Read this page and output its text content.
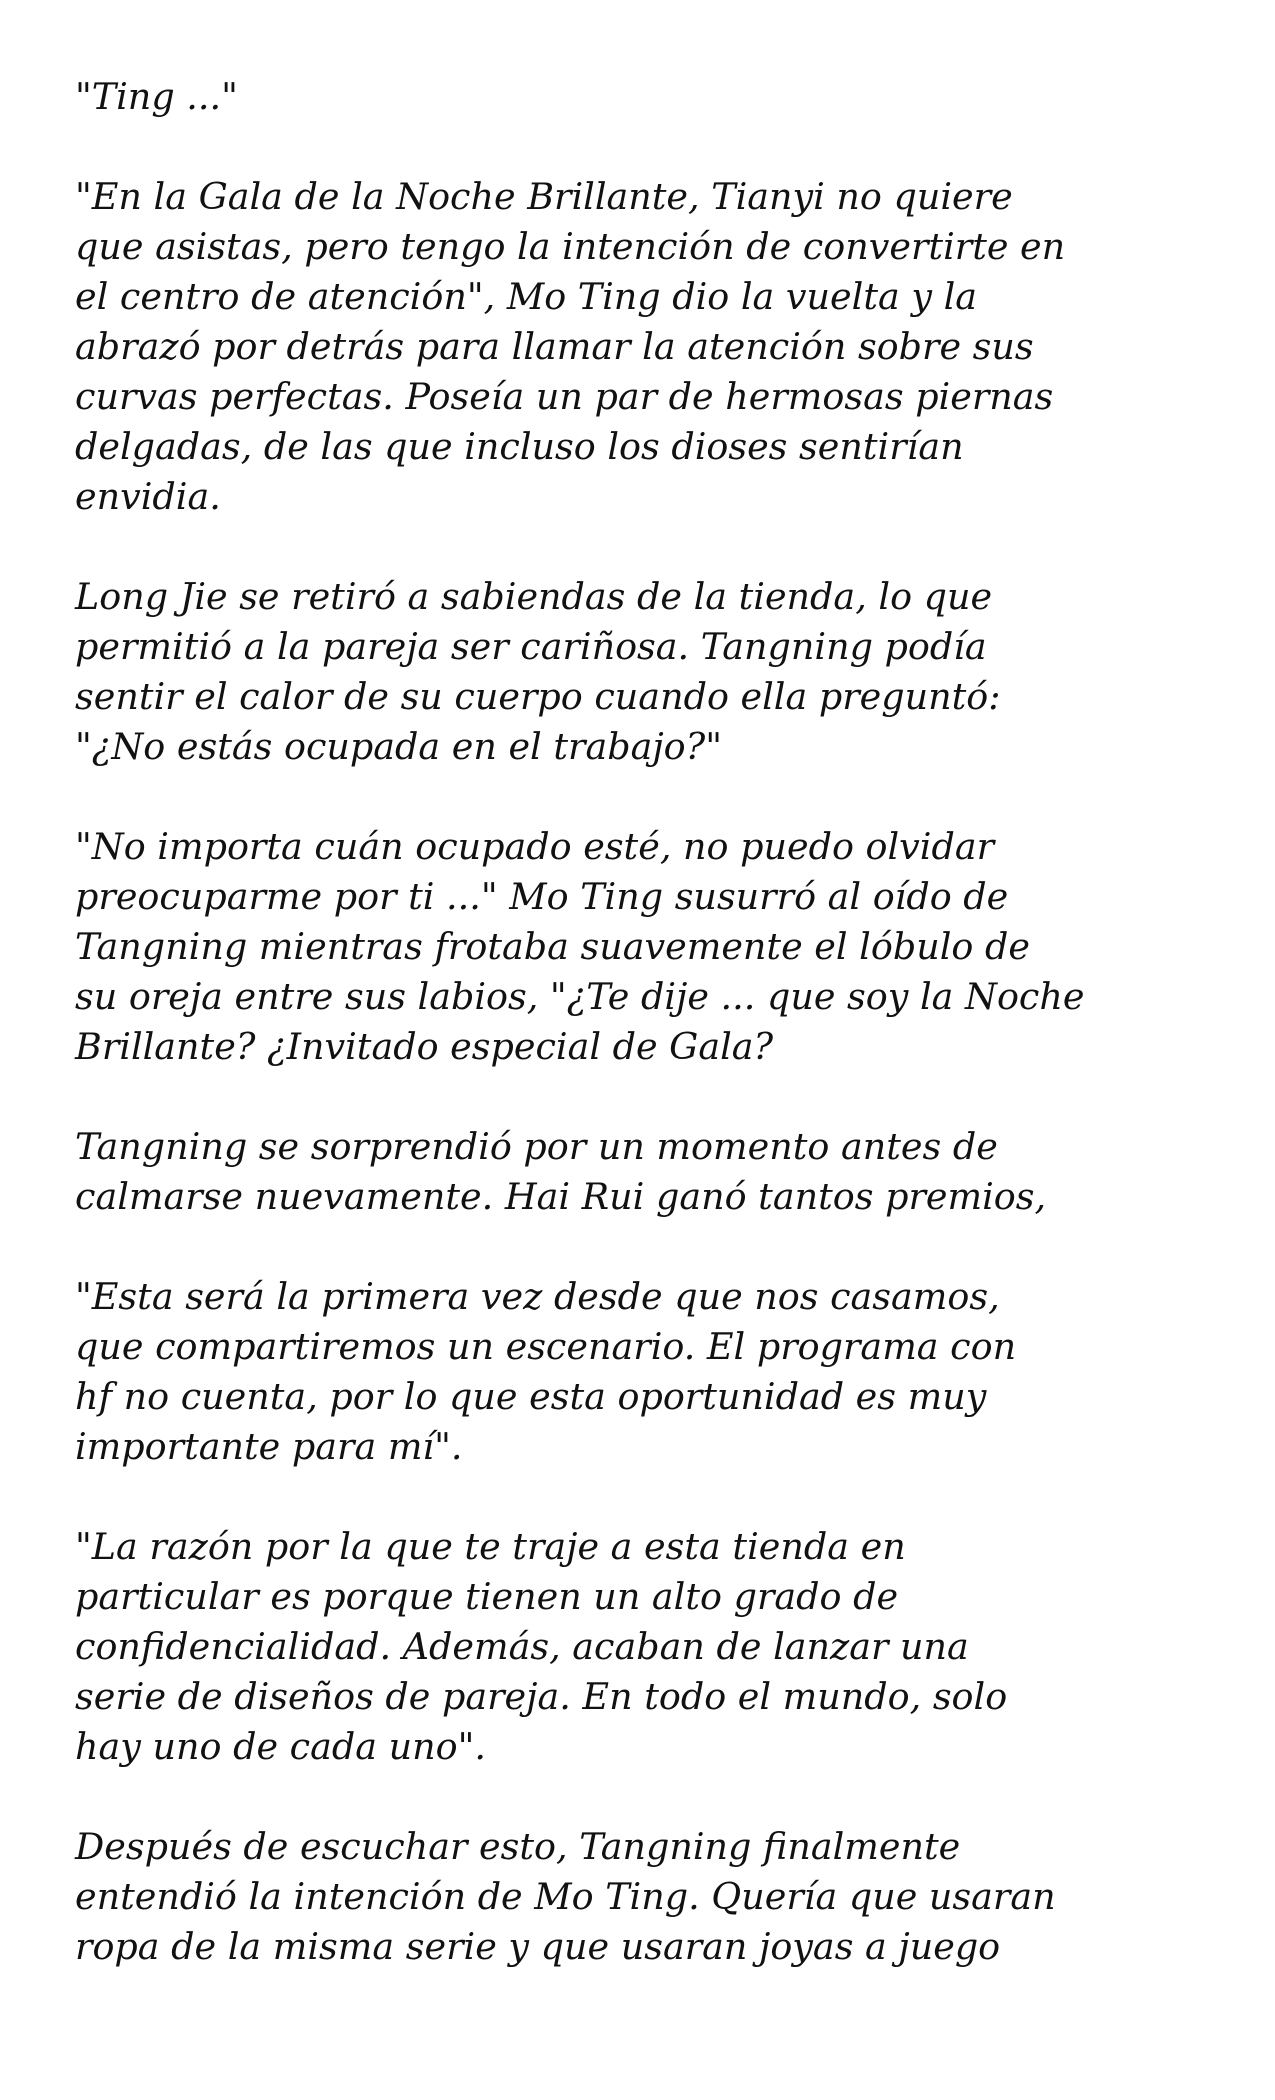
"Ting ..."
"En la Gala de la Noche Brillante, Tianyi no quiere
que asistas, pero tengo la intención de convertirte en
el centro de atención", Mo Ting dio la vuelta y la
abrazó por detrás para llamar la atención sobre sus
curvas perfectas. Poseía un par de hermosas piernas
delgadas, de las que incluso los dioses sentirían
envidia.
Long Jie se retiró a sabiendas de la tienda, lo que
permitió a la pareja ser cariñosa. Tangning podía
sentir el calor de su cuerpo cuando ella preguntó:
"¿No estás ocupada en el trabajo?"
"No importa cuán ocupado esté, no puedo olvidar
preocuparme por ti ..." Mo Ting susurró al oído de
Tangning mientras frotaba suavemente el lóbulo de
su oreja entre sus labios, "¿Te dije ... que soy la Noche
Brillante? ¿Invitado especial de Gala?
Tangning se sorprendió por un momento antes de
calmarse nuevamente. Hai Rui ganó tantos premios,
"Esta será la primera vez desde que nos casamos,
que compartiremos un escenario. El programa con
hf no cuenta, por lo que esta oportunidad es muy
importante para mí".
"La razón por la que te traje a esta tienda en
particular es porque tienen un alto grado de
confidencialidad. Además, acaban de lanzar una
serie de diseños de pareja. En todo el mundo, solo
hay uno de cada uno".
Después de escuchar esto, Tangning finalmente
entendió la intención de Mo Ting. Quería que usaran
ropa de la misma serie y que usaran joyas a juego
